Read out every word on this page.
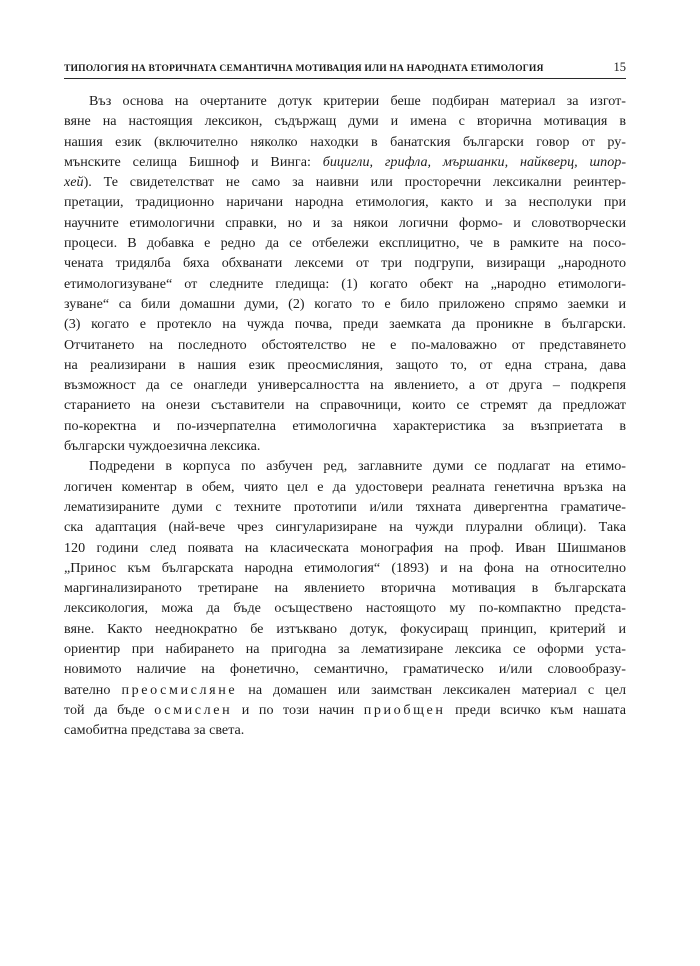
ТИПОЛОГИЯ НА ВТОРИЧНАТА СЕМАНТИЧНА МОТИВАЦИЯ ИЛИ НА НАРОДНАТА ЕТИМОЛОГИЯ	15
Въз основа на очертаните дотук критерии беше подбиран материал за изгот-
вяне на настоящия лексикон, съдържащ думи и имена с вторична мотивация в
нашия език (включително няколко находки в банатския български говор от ру-
мънските селища Бишноф и Винга: бицигли, грифла, мършанки, найкверц, шпор-
хей). Те свидетелстват не само за наивни или просторечни лексикални реинтер-
претации, традиционно наричани народна етимология, както и за несполуки при
научните етимологични справки, но и за някои логични формо- и словотворчески
процеси. В добавка е редно да се отбележи експлицитно, че в рамките на посо-
чената тридялба бяха обхванати лексеми от три подгрупи, визиращи „народното
етимологизуване“ от следните гледища: (1) когато обект на „народно етимологи-
зуване“ са били домашни думи, (2) когато то е било приложено спрямо заемки и
(3) когато е протекло на чужда почва, преди заемката да проникне в български.
Отчитането на последното обстоятелство не е по-маловажно от представянето
на реализирани в нашия език преосмисляния, защото то, от една страна, дава
възможност да се онагледи универсалността на явлението, а от друга – подкрепя
старанието на онези съставители на справочници, които се стремят да предложат
по-коректна и по-изчерпателна етимологична характеристика за възприетата в
български чуждоезична лексика.
Подредени в корпуса по азбучен ред, заглавните думи се подлагат на етимо-
логичен коментар в обем, чиято цел е да удостовери реалната генетична връзка на
лематизираните думи с техните прототипи и/или тяхната дивергентна граматиче-
ска адаптация (най-вече чрез сингуларизиране на чужди плурални облици). Така
120 години след появата на класическата монография на проф. Иван Шишманов
„Принос към българската народна етимология“ (1893) и на фона на относително
маргинализираното третиране на явлението вторична мотивация в българската
лексикология, можа да бъде осъществено настоящото му по-компактно предста-
вяне. Както нееднократно бе изтъквано дотук, фокусиращ принцип, критерий и
ориентир при набирането на пригодна за лематизиране лексика се оформи уста-
новимото наличие на фонетично, семантично, граматическо и/или словообразу-
вателно преосмисляне на домашен или заимстван лексикален материал с цел
той да бъде осмислен и по този начин приобщен преди всичко към нашата
самобитна представа за света.
